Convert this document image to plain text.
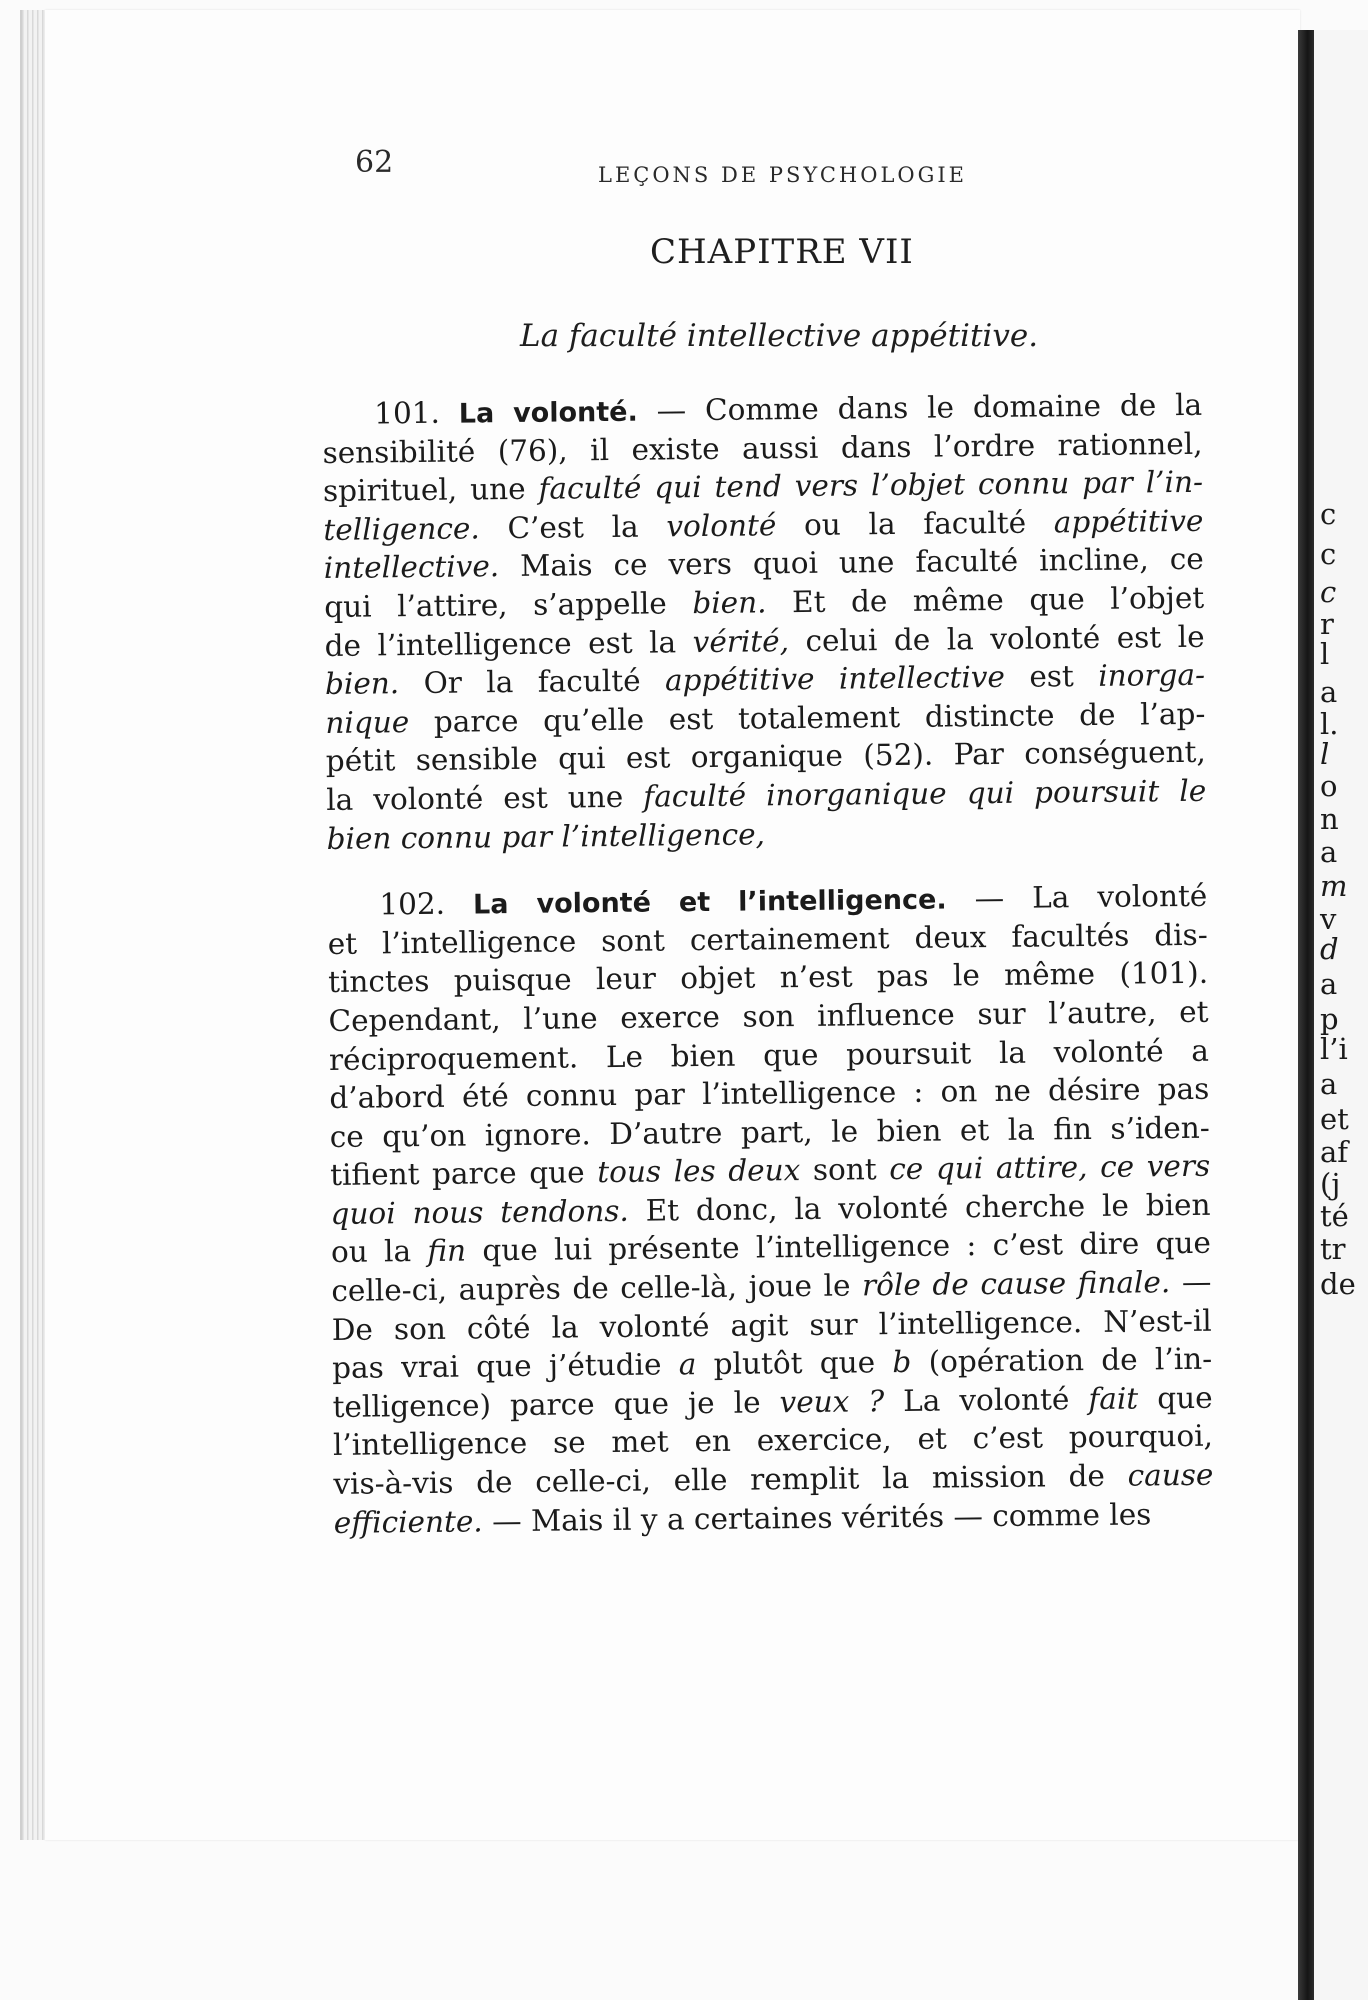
c
c
c
r
l
a
l.
l
o
n
a
m
v
d
a
p
l’i
a
et
af
(j
té
tr
de
62	LEÇONS DE PSYCHOLOGIE
CHAPITRE VII
La faculté intellective appétitive.
101. La volonté. — Comme dans le domaine de la
sensibilité (76), il existe aussi dans l’ordre rationnel,
spirituel, une faculté qui tend vers l’objet connu par l’in-
telligence. C’est la volonté ou la faculté appétitive
intellective. Mais ce vers quoi une faculté incline, ce
qui l’attire, s’appelle bien. Et de même que l’objet
de l’intelligence est la vérité, celui de la volonté est le
bien. Or la faculté appétitive intellective est inorga-
nique parce qu’elle est totalement distincte de l’ap-
pétit sensible qui est organique (52). Par conséguent,
la volonté est une faculté inorganique qui poursuit le
bien connu par l’intelligence,
102. La volonté et l’intelligence. — La volonté
et l’intelligence sont certainement deux facultés dis-
tinctes puisque leur objet n’est pas le même (101).
Cependant, l’une exerce son influence sur l’autre, et
réciproquement. Le bien que poursuit la volonté a
d’abord été connu par l’intelligence : on ne désire pas
ce qu’on ignore. D’autre part, le bien et la fin s’iden-
tifient parce que tous les deux sont ce qui attire, ce vers
quoi nous tendons. Et donc, la volonté cherche le bien
ou la fin que lui présente l’intelligence : c’est dire que
celle-ci, auprès de celle-là, joue le rôle de cause finale. —
De son côté la volonté agit sur l’intelligence. N’est-il
pas vrai que j’étudie a plutôt que b (opération de l’in-
telligence) parce que je le veux ? La volonté fait que
l’intelligence se met en exercice, et c’est pourquoi,
vis-à-vis de celle-ci, elle remplit la mission de cause
efficiente. — Mais il y a certaines vérités — comme les
